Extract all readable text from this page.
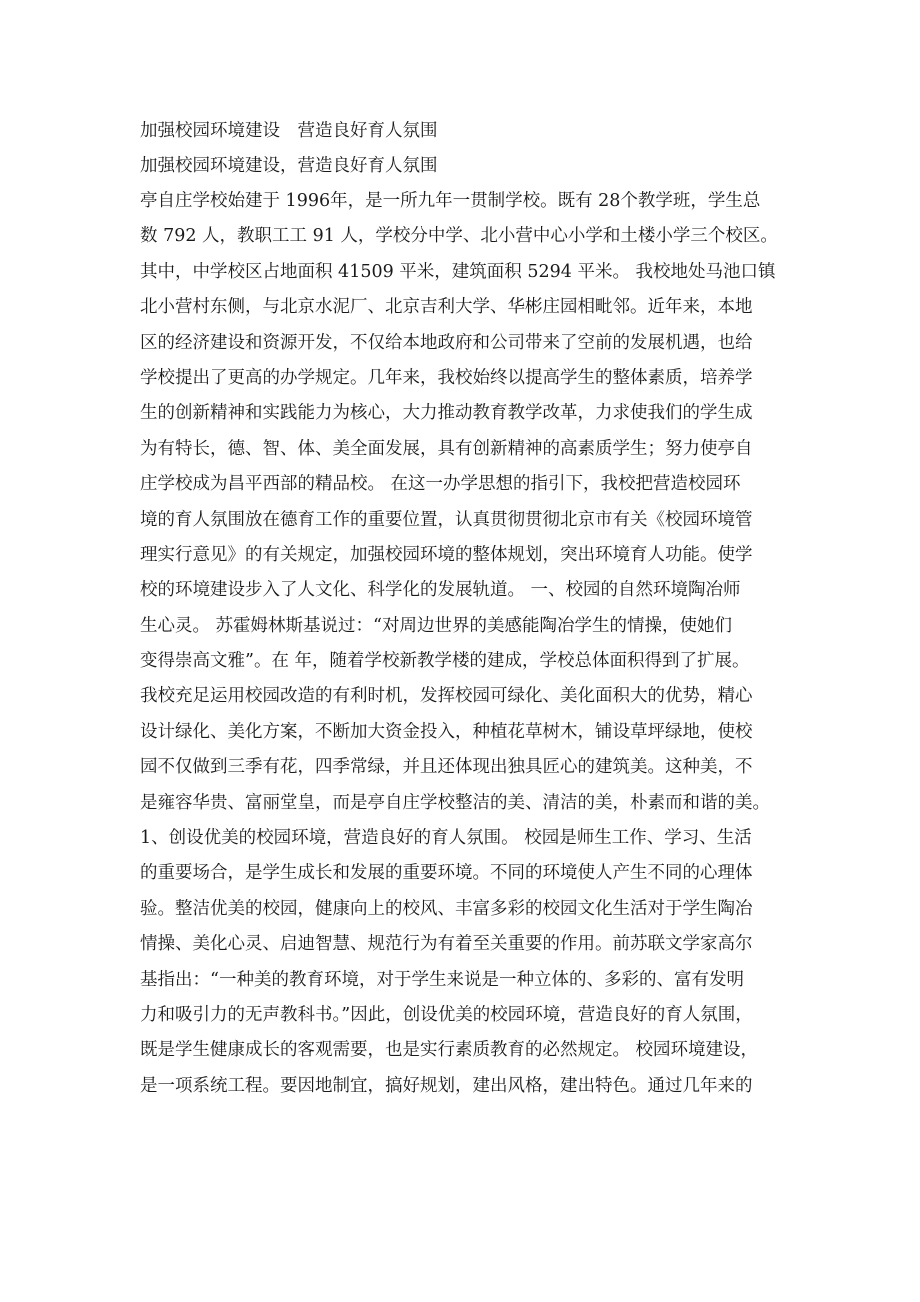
加强校园环境建设　营造良好育人氛围
加强校园环境建设，营造良好育人氛围
亭自庄学校始建于 1996年，是一所九年一贯制学校。既有 28个教学班，学生总
数 792 人，教职工工 91 人，学校分中学、北小营中心小学和土楼小学三个校区。
其中，中学校区占地面积 41509 平米，建筑面积 5294 平米。 我校地处马池口镇
北小营村东侧，与北京水泥厂、北京吉利大学、华彬庄园相毗邻。近年来，本地
区的经济建设和资源开发，不仅给本地政府和公司带来了空前的发展机遇，也给
学校提出了更高的办学规定。几年来，我校始终以提高学生的整体素质，培养学
生的创新精神和实践能力为核心，大力推动教育教学改革，力求使我们的学生成
为有特长，德、智、体、美全面发展，具有创新精神的高素质学生；努力使亭自
庄学校成为昌平西部的精品校。 在这一办学思想的指引下，我校把营造校园环
境的育人氛围放在德育工作的重要位置，认真贯彻贯彻北京市有关《校园环境管
理实行意见》的有关规定，加强校园环境的整体规划，突出环境育人功能。使学
校的环境建设步入了人文化、科学化的发展轨道。 一、校园的自然环境陶冶师
生心灵。 苏霍姆林斯基说过：“对周边世界的美感能陶冶学生的情操，使她们
变得崇高文雅”。在 年，随着学校新教学楼的建成，学校总体面积得到了扩展。
我校充足运用校园改造的有利时机，发挥校园可绿化、美化面积大的优势，精心
设计绿化、美化方案，不断加大资金投入，种植花草树木，铺设草坪绿地，使校
园不仅做到三季有花，四季常绿，并且还体现出独具匠心的建筑美。这种美，不
是雍容华贵、富丽堂皇，而是亭自庄学校整洁的美、清洁的美，朴素而和谐的美。
1、创设优美的校园环境，营造良好的育人氛围。 校园是师生工作、学习、生活
的重要场合，是学生成长和发展的重要环境。不同的环境使人产生不同的心理体
验。整洁优美的校园，健康向上的校风、丰富多彩的校园文化生活对于学生陶冶
情操、美化心灵、启迪智慧、规范行为有着至关重要的作用。前苏联文学家高尔
基指出：“一种美的教育环境，对于学生来说是一种立体的、多彩的、富有发明
力和吸引力的无声教科书。”因此，创设优美的校园环境，营造良好的育人氛围，
既是学生健康成长的客观需要，也是实行素质教育的必然规定。 校园环境建设，
是一项系统工程。要因地制宜，搞好规划，建出风格，建出特色。通过几年来的
